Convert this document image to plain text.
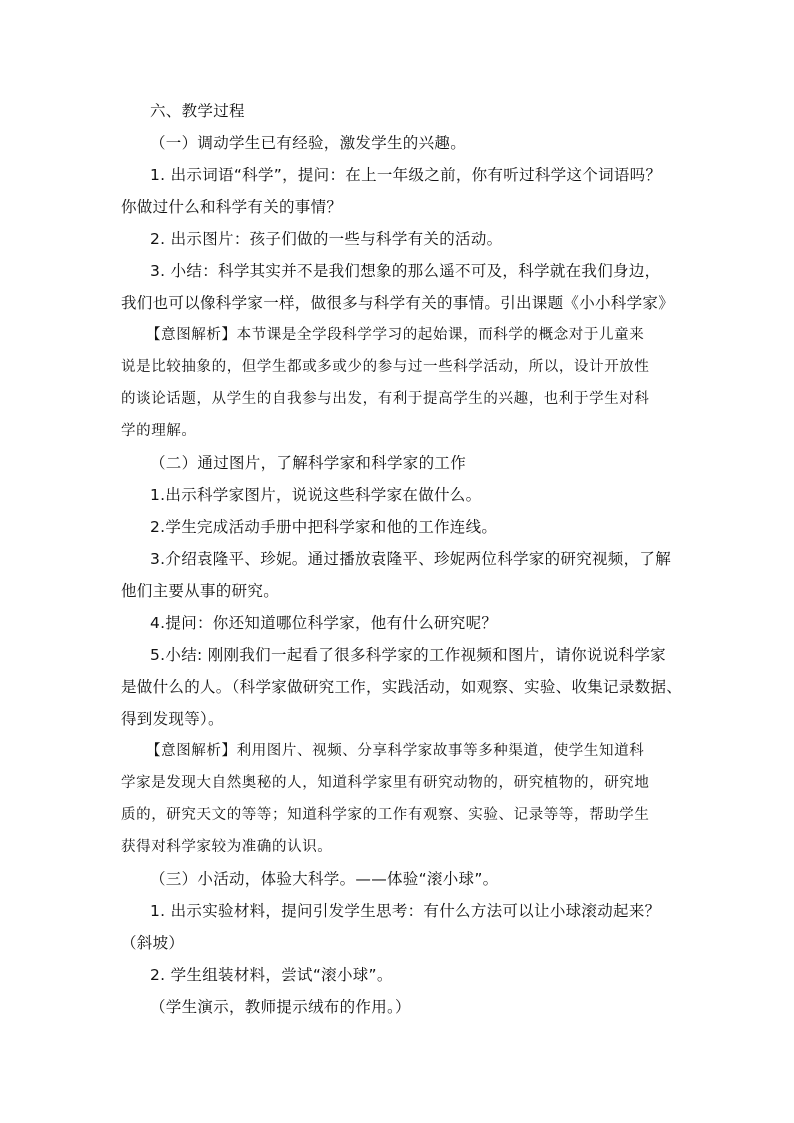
六、教学过程
（一）调动学生已有经验，激发学生的兴趣。
1. 出示词语“科学”，提问：在上一年级之前，你有听过科学这个词语吗？
你做过什么和科学有关的事情？
2. 出示图片：孩子们做的一些与科学有关的活动。
3. 小结：科学其实并不是我们想象的那么遥不可及，科学就在我们身边，
我们也可以像科学家一样，做很多与科学有关的事情。引出课题《小小科学家》
【意图解析】本节课是全学段科学学习的起始课，而科学的概念对于儿童来
说是比较抽象的，但学生都或多或少的参与过一些科学活动，所以，设计开放性
的谈论话题，从学生的自我参与出发，有利于提高学生的兴趣，也利于学生对科
学的理解。
（二）通过图片，了解科学家和科学家的工作
1.出示科学家图片，说说这些科学家在做什么。
2.学生完成活动手册中把科学家和他的工作连线。
3.介绍袁隆平、珍妮。通过播放袁隆平、珍妮两位科学家的研究视频，了解
他们主要从事的研究。
4.提问：你还知道哪位科学家，他有什么研究呢？
5.小结: 刚刚我们一起看了很多科学家的工作视频和图片，请你说说科学家
是做什么的人。（科学家做研究工作，实践活动，如观察、实验、收集记录数据、
得到发现等）。
【意图解析】利用图片、视频、分享科学家故事等多种渠道，使学生知道科
学家是发现大自然奥秘的人，知道科学家里有研究动物的，研究植物的，研究地
质的，研究天文的等等；知道科学家的工作有观察、实验、记录等等，帮助学生
获得对科学家较为准确的认识。
（三）小活动，体验大科学。——体验“滚小球”。
1. 出示实验材料，提问引发学生思考：有什么方法可以让小球滚动起来？
（斜坡）
2. 学生组装材料，尝试“滚小球”。
（学生演示，教师提示绒布的作用。）
